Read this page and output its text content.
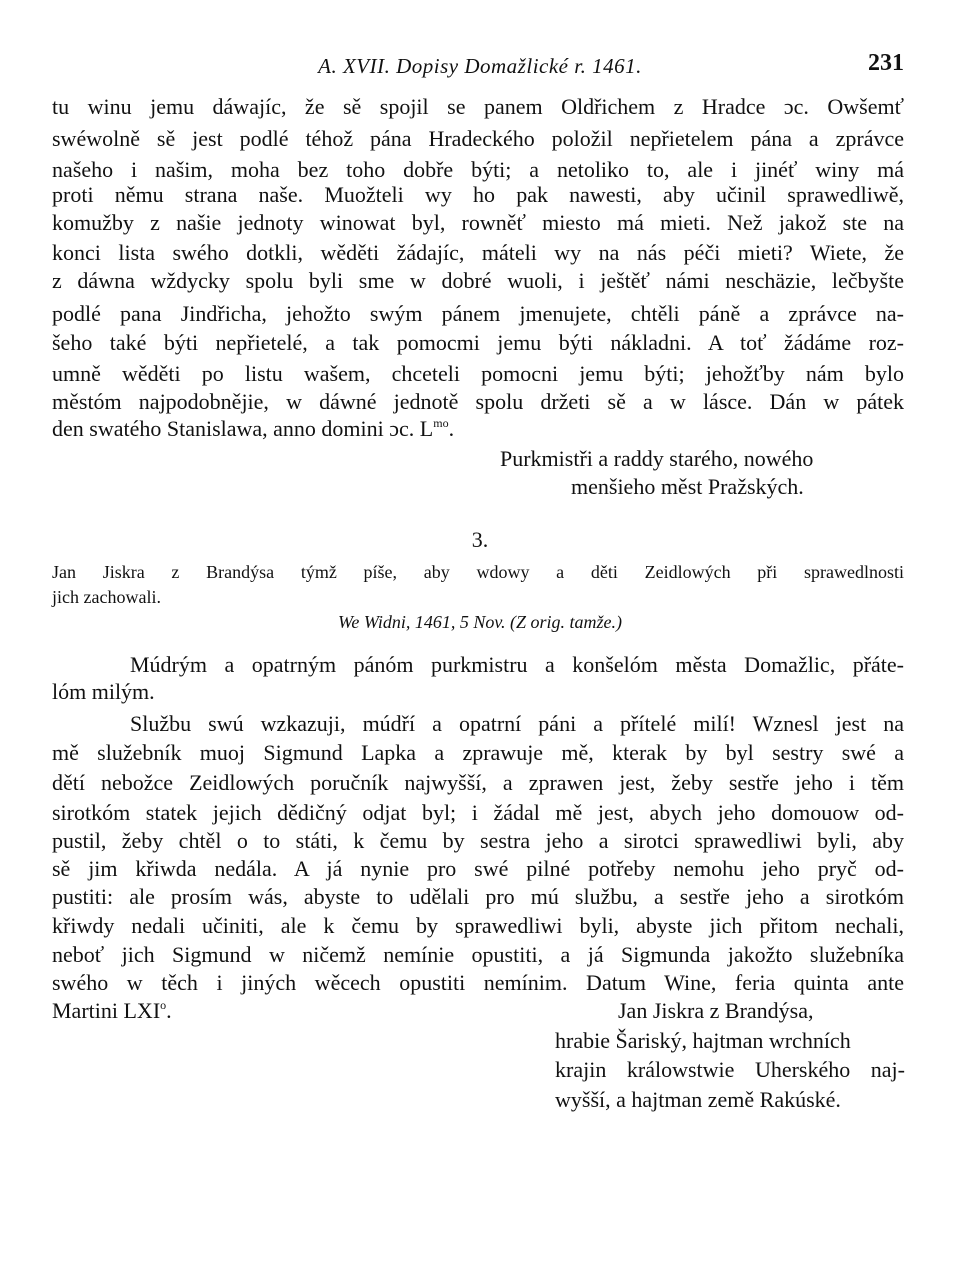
A. XVII. Dopisy Domažlické r. 1461.	231
tu winu jemu dáwajíc, že sě spojil se panem Oldřichem z Hradce ɔc. Owšemť
swéwolně sě jest podlé téhož pána Hradeckého položil nepřietelem pána a zprávce
našeho i našim, moha bez toho dobře býti; a netoliko to, ale i jinéť winy má
proti němu strana naše. Muožteli wy ho pak nawesti, aby učinil sprawedliwě,
komužby z našie jednoty winowat byl, rowněť miesto má mieti. Než jakož ste na
konci lista swého dotkli, wěděti žádajíc, máteli wy na nás péči mieti? Wiete, že
z dáwna wždycky spolu byli sme w dobré wuoli, i ještěť námi neschäzie, lečbyšte
podlé pana Jindřicha, jehožto swým pánem jmenujete, chtěli páně a zprávce na-
šeho také býti nepřietelé, a tak pomocmi jemu býti nákladni. A toť žádáme roz-
umně wěděti po listu wašem, chceteli pomocni jemu býti; jehožťby nám bylo
městóm najpodobnějie, w dáwné jednotě spolu držeti sě a w lásce. Dán w pátek
den swatého Stanislawa, anno domini ɔc. $L^{mo}$.
Purkmistři a raddy starého, nowého
menšieho měst Pražských.
3.
Jan Jiskra z Brandýsa týmž píše, aby wdowy a děti Zeidlowých při sprawedlnosti
jich zachowali.
We Widni, 1461, 5 Nov. (Z orig. tamže.)
Múdrým a opatrným pánóm purkmistru a konšelóm města Domažlic, přáte-
lóm milým.
Službu swú wzkazuji, múdří a opatrní páni a přítelé milí! Wznesl jest na
mě služebník muoj Sigmund Lapka a zprawuje mě, kterak by byl sestry swé a
dětí nebožce Zeidlowých poručník najwyšší, a zprawen jest, žeby sestře jeho i těm
sirotkóm statek jejich dědičný odjat byl; i žádal mě jest, abych jeho domouow od-
pustil, žeby chtěl o to státi, k čemu by sestra jeho a sirotci sprawedliwi byli, aby
sě jim křiwda nedála. A já nynie pro swé pilné potřeby nemohu jeho pryč od-
pustiti: ale prosím wás, abyste to udělali pro mú službu, a sestře jeho a sirotkóm
křiwdy nedali učiniti, ale k čemu by sprawedliwi byli, abyste jich přitom nechali,
neboť jich Sigmund w ničemž nemínie opustiti, a já Sigmunda jakožto služebníka
swého w těch i jiných wěcech opustiti nemínim. Datum Wine, feria quinta ante
Martini LXI$^o$.	Jan Jiskra z Brandýsa,
hrabie Šariský, hajtman wrchních
krajin králowstwie Uherského naj-
wyšší, a hajtman země Rakúské.
